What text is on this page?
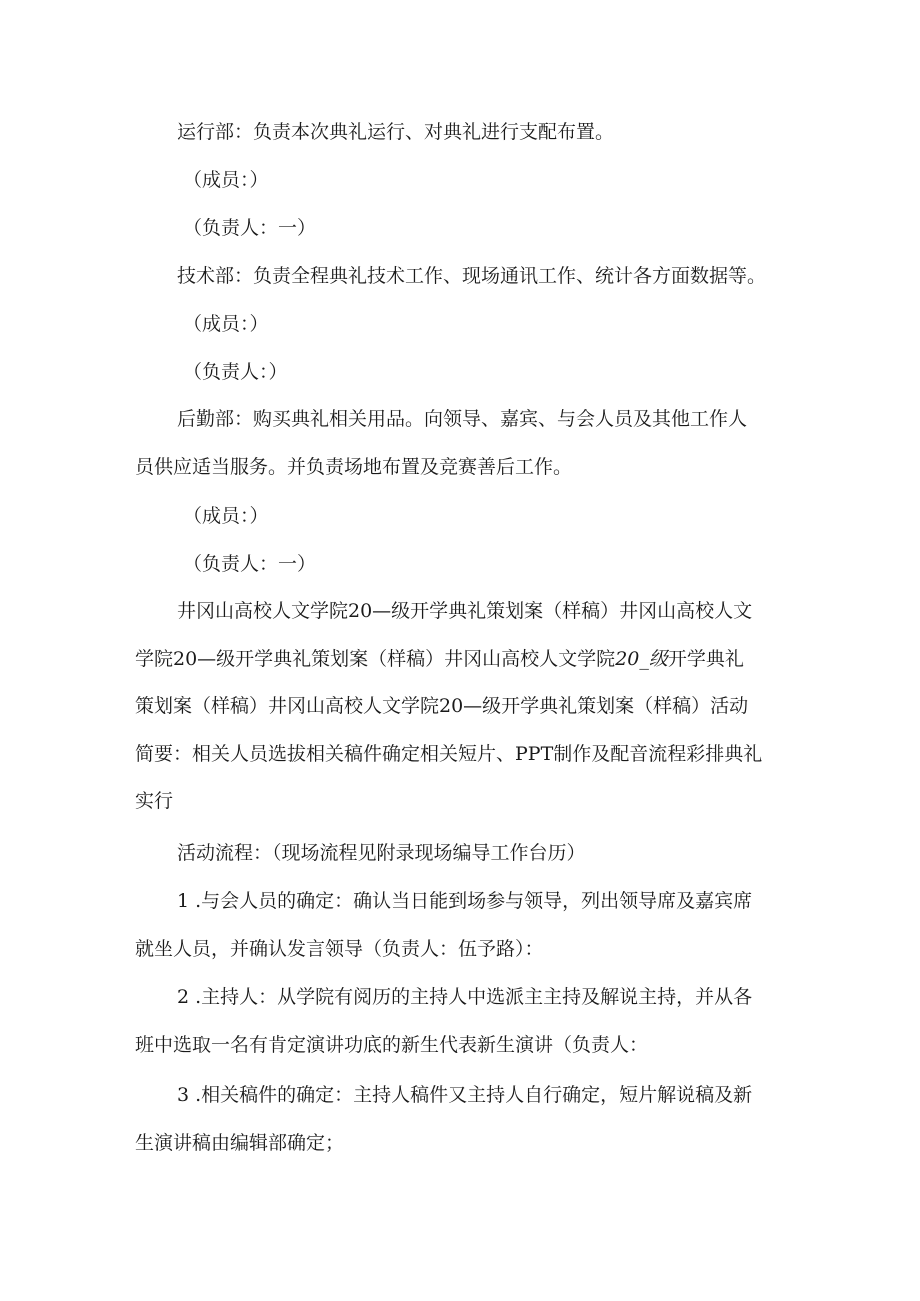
运行部：负责本次典礼运行、对典礼进行支配布置。

（成员：）

（负责人：一）

技术部：负责全程典礼技术工作、现场通讯工作、统计各方面数据等。

（成员：）

（负责人：）

后勤部：购买典礼相关用品。向领导、嘉宾、与会人员及其他工作人
员供应适当服务。并负责场地布置及竞赛善后工作。

（成员：）

（负责人：一）

井冈山高校人文学院20—级开学典礼策划案（样稿）井冈山高校人文
学院20—级开学典礼策划案（样稿）井冈山高校人文学院20_级开学典礼
策划案（样稿）井冈山高校人文学院20—级开学典礼策划案（样稿）活动
简要：相关人员选拔相关稿件确定相关短片、PPT制作及配音流程彩排典礼
实行

活动流程：（现场流程见附录现场编导工作台历）

1 .与会人员的确定：确认当日能到场参与领导，列出领导席及嘉宾席
就坐人员，并确认发言领导（负责人：伍予路）：

2 .主持人：从学院有阅历的主持人中选派主主持及解说主持，并从各
班中选取一名有肯定演讲功底的新生代表新生演讲（负责人：

3 .相关稿件的确定：主持人稿件又主持人自行确定，短片解说稿及新
生演讲稿由编辑部确定；
